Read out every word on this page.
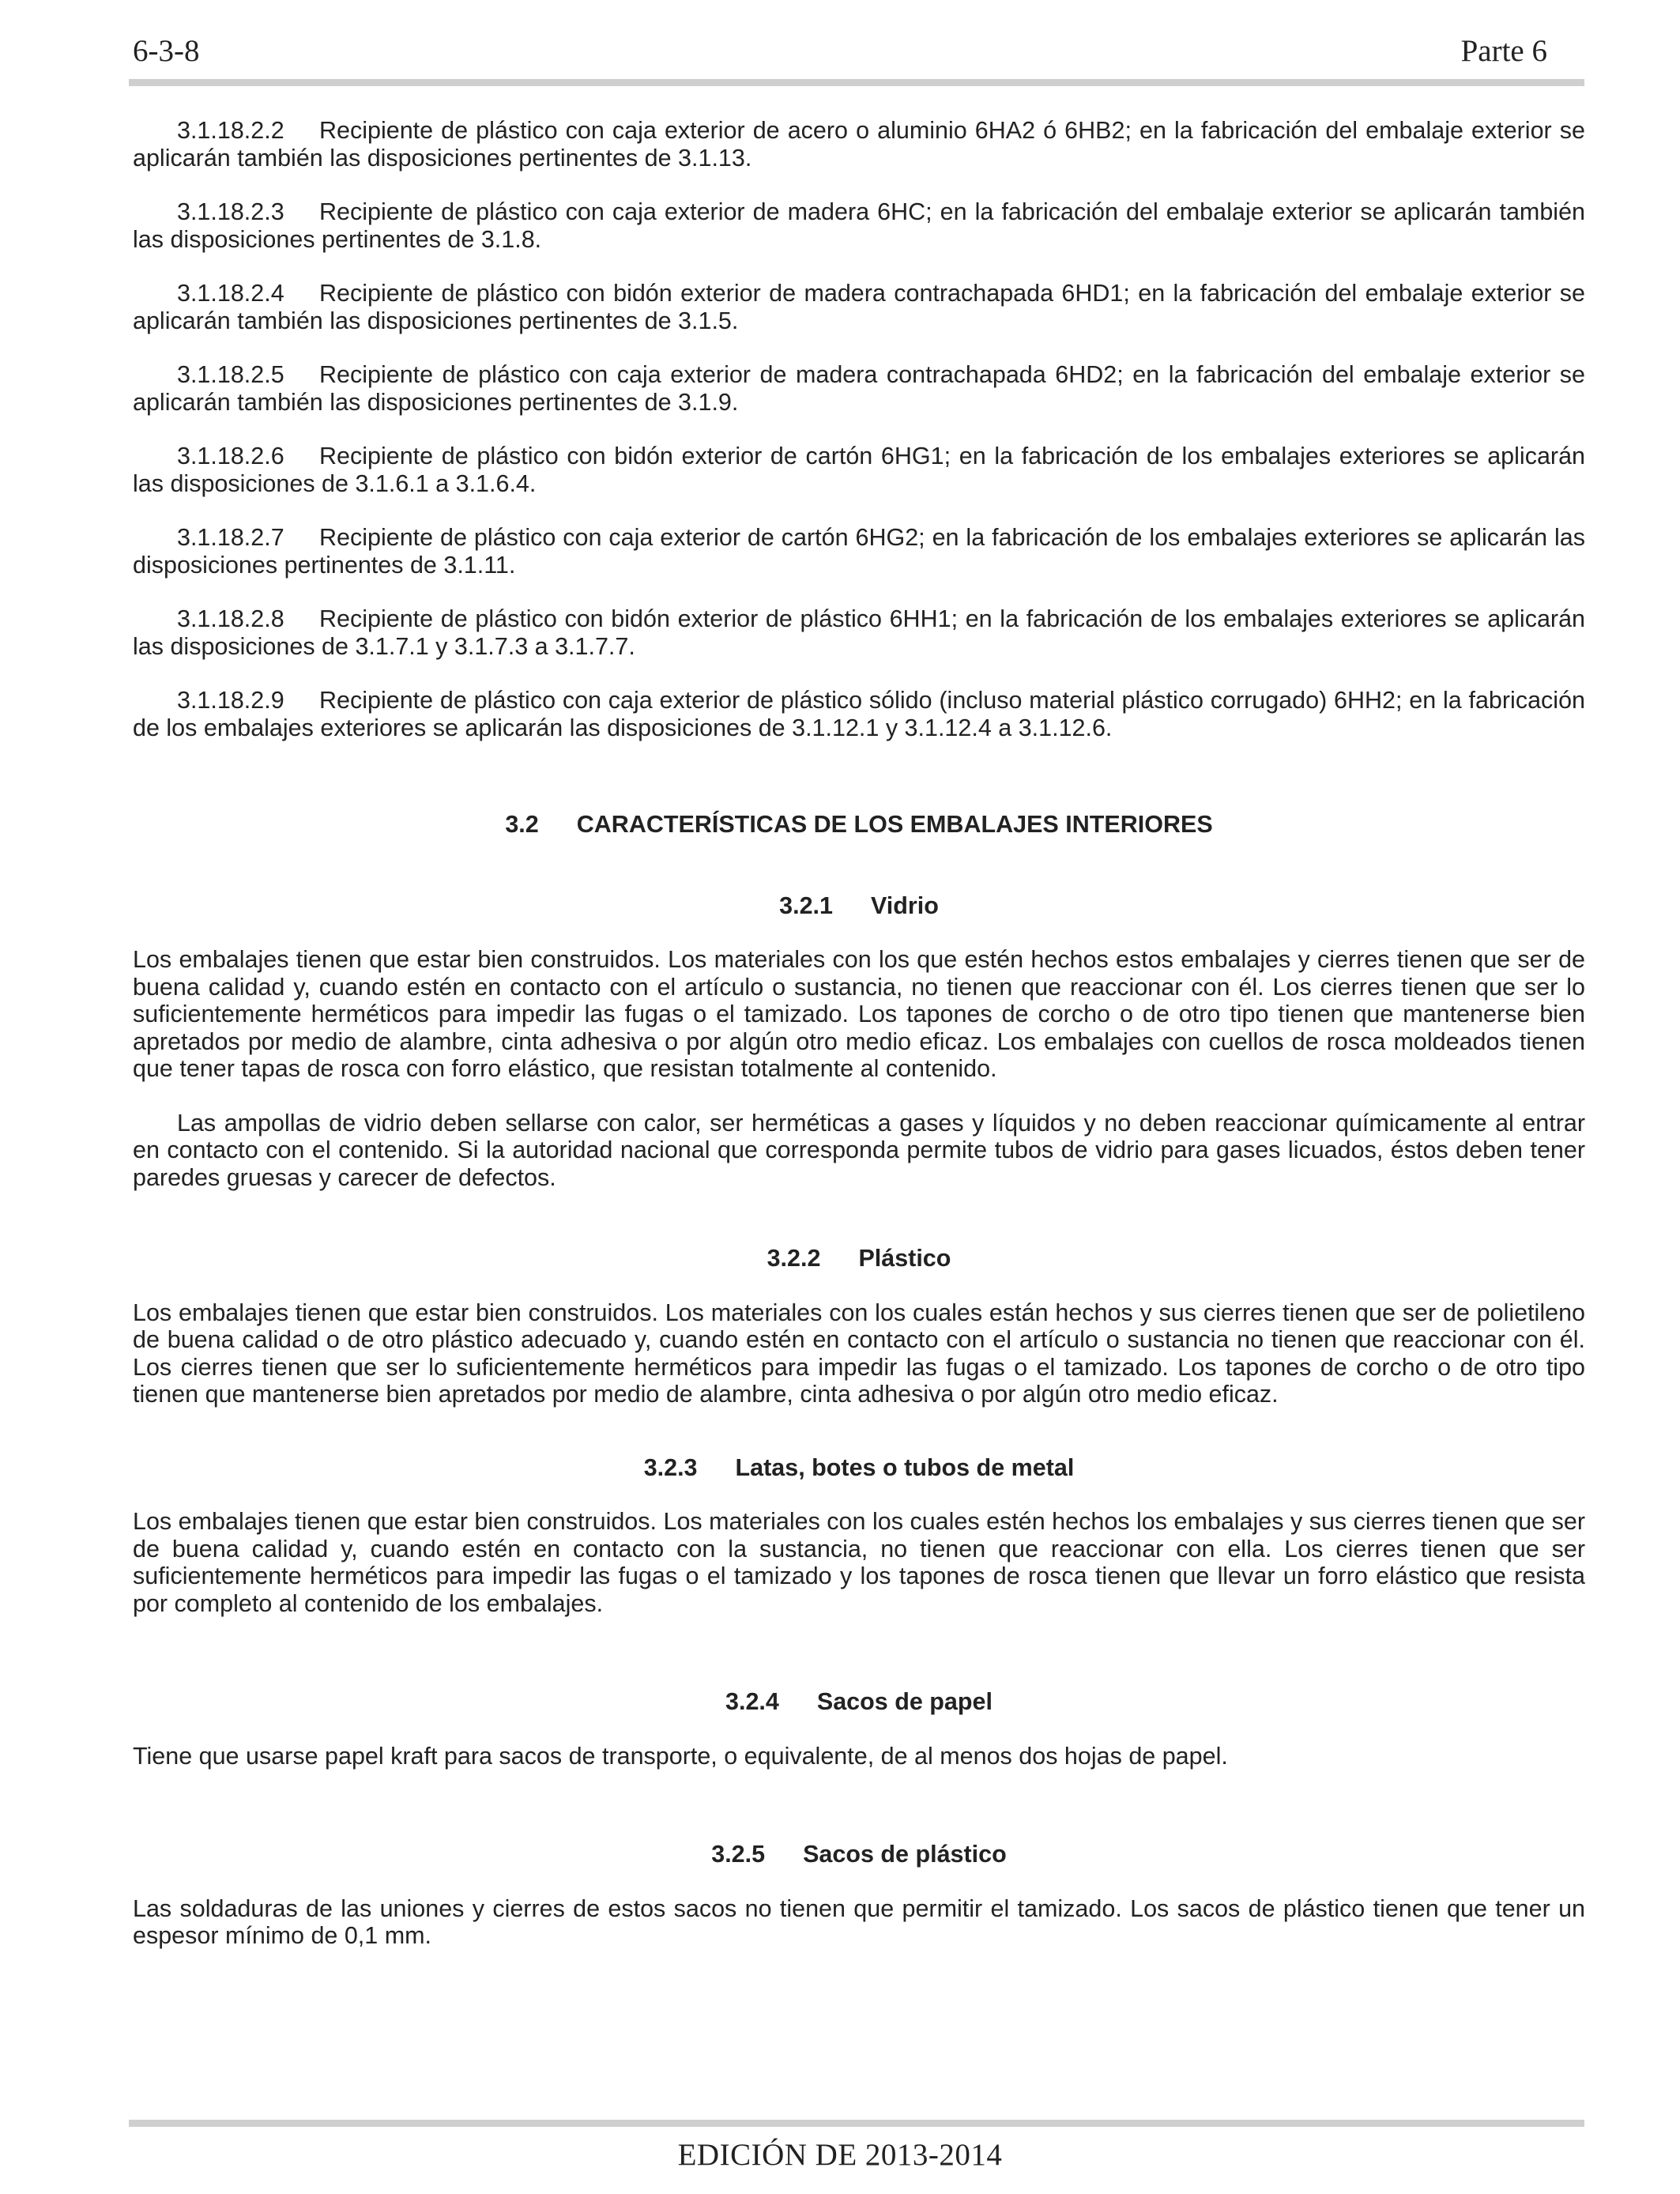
6-3-8	Parte 6

3.1.18.2.2 Recipiente de plástico con caja exterior de acero o aluminio 6HA2 ó 6HB2; en la fabricación del embalaje exterior se aplicarán también las disposiciones pertinentes de 3.1.13.

3.1.18.2.3 Recipiente de plástico con caja exterior de madera 6HC; en la fabricación del embalaje exterior se aplicarán también las disposiciones pertinentes de 3.1.8.

3.1.18.2.4 Recipiente de plástico con bidón exterior de madera contrachapada 6HD1; en la fabricación del embalaje exterior se aplicarán también las disposiciones pertinentes de 3.1.5.

3.1.18.2.5 Recipiente de plástico con caja exterior de madera contrachapada 6HD2; en la fabricación del embalaje exterior se aplicarán también las disposiciones pertinentes de 3.1.9.

3.1.18.2.6 Recipiente de plástico con bidón exterior de cartón 6HG1; en la fabricación de los embalajes exteriores se aplicarán las disposiciones de 3.1.6.1 a 3.1.6.4.

3.1.18.2.7 Recipiente de plástico con caja exterior de cartón 6HG2; en la fabricación de los embalajes exteriores se aplicarán las disposiciones pertinentes de 3.1.11.

3.1.18.2.8 Recipiente de plástico con bidón exterior de plástico 6HH1; en la fabricación de los embalajes exteriores se aplicarán las disposiciones de 3.1.7.1 y 3.1.7.3 a 3.1.7.7.

3.1.18.2.9 Recipiente de plástico con caja exterior de plástico sólido (incluso material plástico corrugado) 6HH2; en la fabricación de los embalajes exteriores se aplicarán las disposiciones de 3.1.12.1 y 3.1.12.4 a 3.1.12.6.

3.2 CARACTERÍSTICAS DE LOS EMBALAJES INTERIORES
3.2.1 Vidrio

Los embalajes tienen que estar bien construidos. Los materiales con los que estén hechos estos embalajes y cierres tienen que ser de buena calidad y, cuando estén en contacto con el artículo o sustancia, no tienen que reaccionar con él. Los cierres tienen que ser lo suficientemente herméticos para impedir las fugas o el tamizado. Los tapones de corcho o de otro tipo tienen que mantenerse bien apretados por medio de alambre, cinta adhesiva o por algún otro medio eficaz. Los embalajes con cuellos de rosca moldeados tienen que tener tapas de rosca con forro elástico, que resistan totalmente al contenido.

Las ampollas de vidrio deben sellarse con calor, ser herméticas a gases y líquidos y no deben reaccionar químicamente al entrar en contacto con el contenido. Si la autoridad nacional que corresponda permite tubos de vidrio para gases licuados, éstos deben tener paredes gruesas y carecer de defectos.

3.2.2 Plástico

Los embalajes tienen que estar bien construidos. Los materiales con los cuales están hechos y sus cierres tienen que ser de polietileno de buena calidad o de otro plástico adecuado y, cuando estén en contacto con el artículo o sustancia no tienen que reaccionar con él. Los cierres tienen que ser lo suficientemente herméticos para impedir las fugas o el tamizado. Los tapones de corcho o de otro tipo tienen que mantenerse bien apretados por medio de alambre, cinta adhesiva o por algún otro medio eficaz.

3.2.3 Latas, botes o tubos de metal

Los embalajes tienen que estar bien construidos. Los materiales con los cuales estén hechos los embalajes y sus cierres tienen que ser de buena calidad y, cuando estén en contacto con la sustancia, no tienen que reaccionar con ella. Los cierres tienen que ser suficientemente herméticos para impedir las fugas o el tamizado y los tapones de rosca tienen que llevar un forro elástico que resista por completo al contenido de los embalajes.

3.2.4 Sacos de papel

Tiene que usarse papel kraft para sacos de transporte, o equivalente, de al menos dos hojas de papel.

3.2.5 Sacos de plástico

Las soldaduras de las uniones y cierres de estos sacos no tienen que permitir el tamizado. Los sacos de plástico tienen que tener un espesor mínimo de 0,1 mm.

EDICIÓN DE 2013-2014
